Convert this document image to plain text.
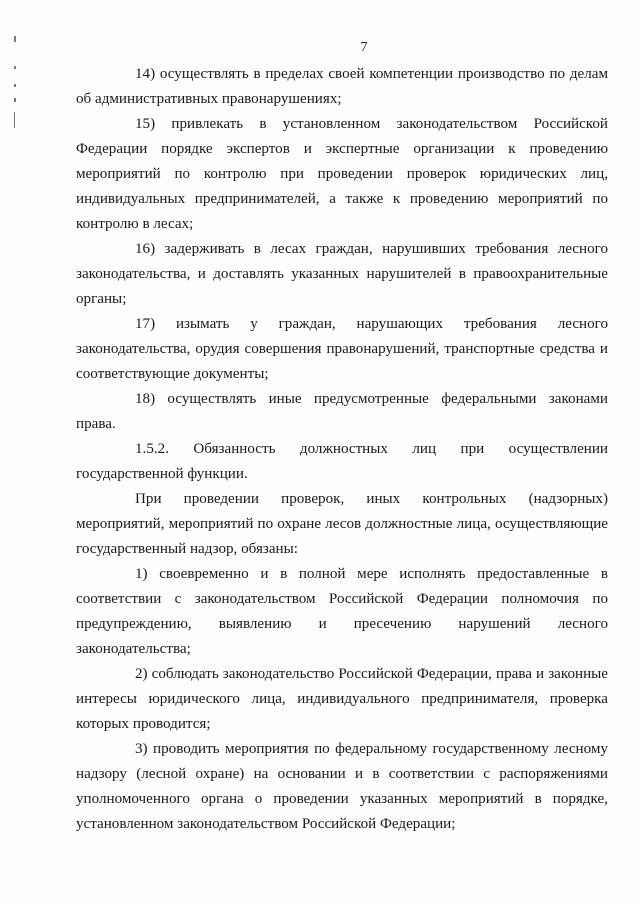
7

14) осуществлять в пределах своей компетенции производство по делам об административных правонарушениях;

15) привлекать в установленном законодательством Российской Федерации порядке экспертов и экспертные организации к проведению мероприятий по контролю при проведении проверок юридических лиц, индивидуальных предпринимателей, а также к проведению мероприятий по контролю в лесах;

16) задерживать в лесах граждан, нарушивших требования лесного законодательства, и доставлять указанных нарушителей в правоохранительные органы;

17) изымать у граждан, нарушающих требования лесного законодательства, орудия совершения правонарушений, транспортные средства и соответствующие документы;

18) осуществлять иные предусмотренные федеральными законами права.

1.5.2. Обязанность должностных лиц при осуществлении государственной функции.

При проведении проверок, иных контрольных (надзорных) мероприятий, мероприятий по охране лесов должностные лица, осуществляющие государственный надзор, обязаны:

1) своевременно и в полной мере исполнять предоставленные в соответствии с законодательством Российской Федерации полномочия по предупреждению, выявлению и пресечению нарушений лесного законодательства;

2) соблюдать законодательство Российской Федерации, права и законные интересы юридического лица, индивидуального предпринимателя, проверка которых проводится;

3) проводить мероприятия по федеральному государственному лесному надзору (лесной охране) на основании и в соответствии с распоряжениями уполномоченного органа о проведении указанных мероприятий в порядке, установленном законодательством Российской Федерации;
